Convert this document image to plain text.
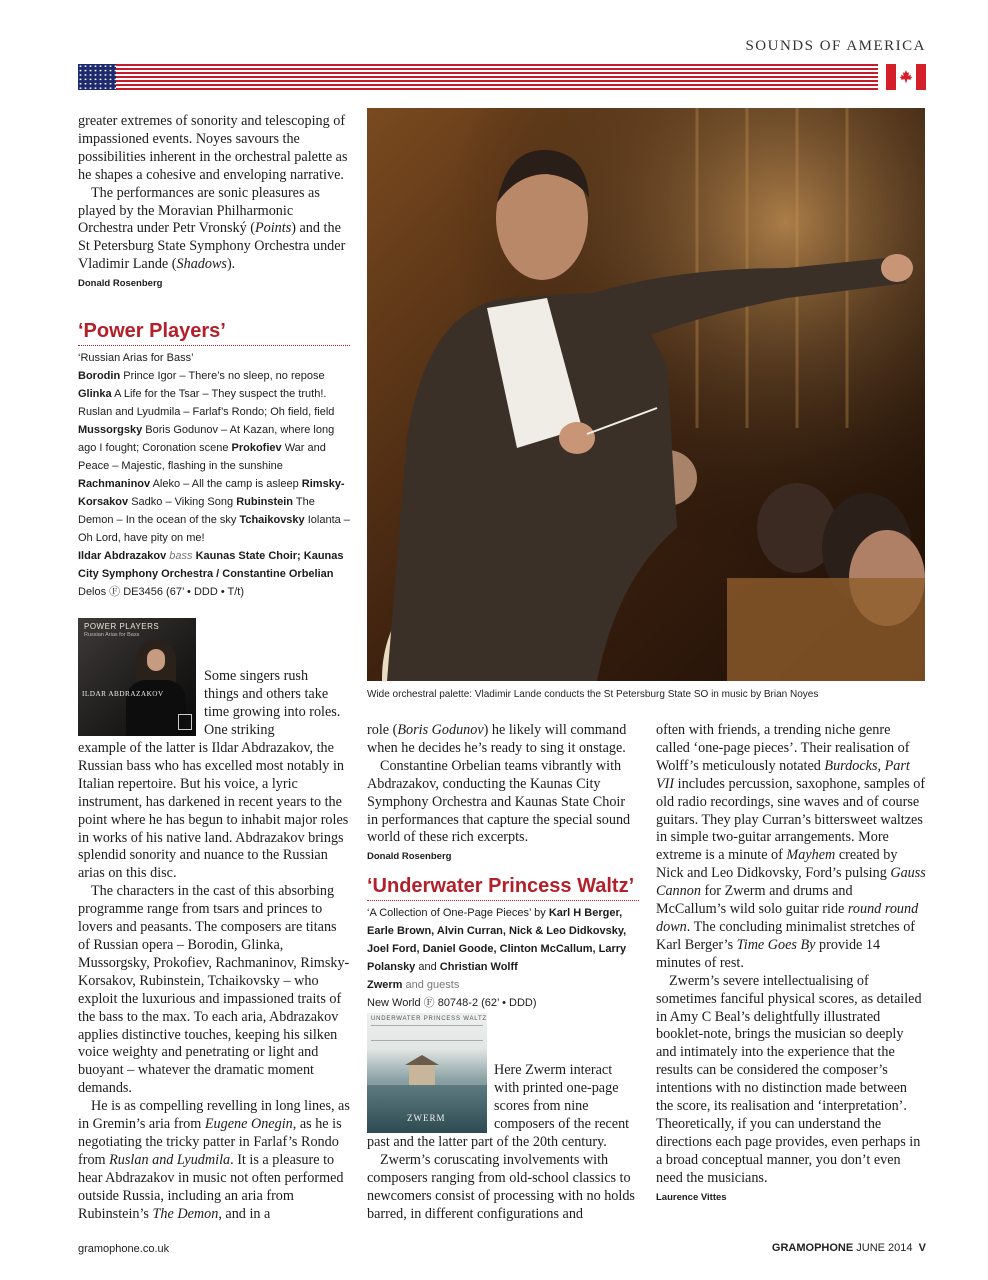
SOUNDS OF AMERICA

greater extremes of sonority and telescoping of impassioned events. Noyes savours the possibilities inherent in the orchestral palette as he shapes a cohesive and enveloping narrative.

The performances are sonic pleasures as played by the Moravian Philharmonic Orchestra under Petr Vronský (Points) and the St Petersburg State Symphony Orchestra under Vladimir Lande (Shadows).

Donald Rosenberg
‘Power Players’
‘Russian Arias for Bass’
Borodin Prince Igor – There’s no sleep, no repose Glinka A Life for the Tsar – They suspect the truth!. Ruslan and Lyudmila – Farlaf’s Rondo; Oh field, field Mussorgsky Boris Godunov – At Kazan, where long ago I fought; Coronation scene Prokofiev War and Peace – Majestic, flashing in the sunshine Rachmaninov Aleko – All the camp is asleep Rimsky-Korsakov Sadko – Viking Song Rubinstein The Demon – In the ocean of the sky Tchaikovsky Iolanta – Oh Lord, have pity on me!
Ildar Abdrazakov bass Kaunas State Choir; Kaunas City Symphony Orchestra / Constantine Orbelian
Delos Ⓕ DE3456 (67’ • DDD • T/t)
POWER PLAYERS
Russian Arias for Bass
ILDAR ABDRAZAKOV
Some singers rush things and others take time growing into roles. One striking

example of the latter is Ildar Abdrazakov, the Russian bass who has excelled most notably in Italian repertoire. But his voice, a lyric instrument, has darkened in recent years to the point where he has begun to inhabit major roles in works of his native land. Abdrazakov brings splendid sonority and nuance to the Russian arias on this disc.

The characters in the cast of this absorbing programme range from tsars and princes to lovers and peasants. The composers are titans of Russian opera – Borodin, Glinka, Mussorgsky, Prokofiev, Rachmaninov, Rimsky-Korsakov, Rubinstein, Tchaikovsky – who exploit the luxurious and impassioned traits of the bass to the max. To each aria, Abdrazakov applies distinctive touches, keeping his silken voice weighty and penetrating or light and buoyant – whatever the dramatic moment demands.

He is as compelling revelling in long lines, as in Gremin’s aria from Eugene Onegin, as he is negotiating the tricky patter in Farlaf’s Rondo from Ruslan and Lyudmila. It is a pleasure to hear Abdrazakov in music not often performed outside Russia, including an aria from Rubinstein’s The Demon, and in a

Wide orchestral palette: Vladimir Lande conducts the St Petersburg State SO in music by Brian Noyes

role (Boris Godunov) he likely will command when he decides he’s ready to sing it onstage.

Constantine Orbelian teams vibrantly with Abdrazakov, conducting the Kaunas City Symphony Orchestra and Kaunas State Choir in performances that capture the special sound world of these rich excerpts.

Donald Rosenberg
‘Underwater Princess Waltz’
‘A Collection of One-Page Pieces’ by Karl H Berger, Earle Brown, Alvin Curran, Nick & Leo Didkovsky, Joel Ford, Daniel Goode, Clinton McCallum, Larry Polansky and Christian Wolff
Zwerm and guests
New World Ⓕ 80748-2 (62’ • DDD)
UNDERWATER PRINCESS WALTZ
ZWERM
Here Zwerm interact with printed one-page scores from nine composers of the recent

past and the latter part of the 20th century.

Zwerm’s coruscating involvements with composers ranging from old-school classics to newcomers consist of processing with no holds barred, in different configurations and

often with friends, a trending niche genre called ‘one-page pieces’. Their realisation of Wolff’s meticulously notated Burdocks, Part VII includes percussion, saxophone, samples of old radio recordings, sine waves and of course guitars. They play Curran’s bittersweet waltzes in simple two-guitar arrangements. More extreme is a minute of Mayhem created by Nick and Leo Didkovsky, Ford’s pulsing Gauss Cannon for Zwerm and drums and McCallum’s wild solo guitar ride round round down. The concluding minimalist stretches of Karl Berger’s Time Goes By provide 14 minutes of rest.

Zwerm’s severe intellectualising of sometimes fanciful physical scores, as detailed in Amy C Beal’s delightfully illustrated booklet-note, brings the musician so deeply and intimately into the experience that the results can be considered the composer’s intentions with no distinction made between the score, its realisation and ‘interpretation’. Theoretically, if you can understand the directions each page provides, even perhaps in a broad conceptual manner, you don’t even need the musicians.

Laurence Vittes
gramophone.co.uk	GRAMOPHONE JUNE 2014 V
